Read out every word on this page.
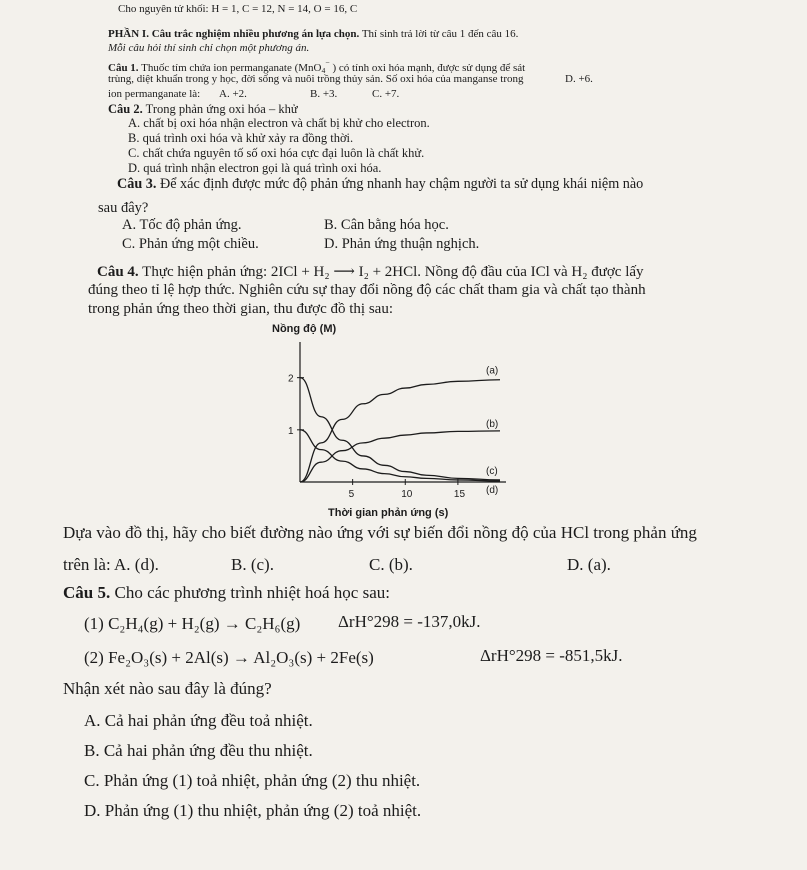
Cho nguyên tử khối: H = 1, C = 12, N = 14, O = 16, C
PHẦN I. Câu trắc nghiệm nhiều phương án lựa chọn. Thí sinh trả lời từ câu 1 đến câu 16.
Mỗi câu hỏi thí sinh chỉ chọn một phương án.
Câu 1. Thuốc tím chứa ion permanganate (MnO$_4$− ) có tính oxi hóa mạnh, được sử dụng để sát
trùng, diệt khuẩn trong y học, đời sống và nuôi trồng thủy sản. Số oxi hóa của manganse trong
ion permanganate là: A. +2.	B. +3.	C. +7.
D. +6.
Câu 2. Trong phản ứng oxi hóa – khử
A. chất bị oxi hóa nhận electron và chất bị khử cho electron.
B. quá trình oxi hóa và khử xảy ra đồng thời.
C. chất chứa nguyên tố số oxi hóa cực đại luôn là chất khử.
D. quá trình nhận electron gọi là quá trình oxi hóa.
Câu 3. Để xác định được mức độ phản ứng nhanh hay chậm người ta sử dụng khái niệm nào
sau đây?
A. Tốc độ phản ứng.	B. Cân bằng hóa học.
C. Phản ứng một chiều.	D. Phản ứng thuận nghịch.
Câu 4. Thực hiện phản ứng: 2ICl + H₂ ⟶ I₂ + 2HCl. Nồng độ đầu của ICl và H₂ được lấy
đúng theo tỉ lệ hợp thức. Nghiên cứu sự thay đổi nồng độ các chất tham gia và chất tạo thành
trong phản ứng theo thời gian, thu được đồ thị sau:
Nồng độ (M)
Thời gian phản ứng (s)
1
2
5	10	15
(a)
(b)
(c)
(d)
Dựa vào đồ thị, hãy cho biết đường nào ứng với sự biến đổi nồng độ của HCl trong phản ứng
trên là: A. (d).	B. (c).	C. (b).	D. (a).
Câu 5. Cho các phương trình nhiệt hoá học sau:
(1) C₂H₄(g) + H₂(g) → C₂H₆(g) ΔrH°298 = -137,0kJ.
(2) Fe₂O₃(s) + 2Al(s) → Al₂O₃(s) + 2Fe(s)	ΔrH°298 = -851,5kJ.
Nhận xét nào sau đây là đúng?
A. Cả hai phản ứng đều toả nhiệt.
B. Cả hai phản ứng đều thu nhiệt.
C. Phản ứng (1) toả nhiệt, phản ứng (2) thu nhiệt.
D. Phản ứng (1) thu nhiệt, phản ứng (2) toả nhiệt.
